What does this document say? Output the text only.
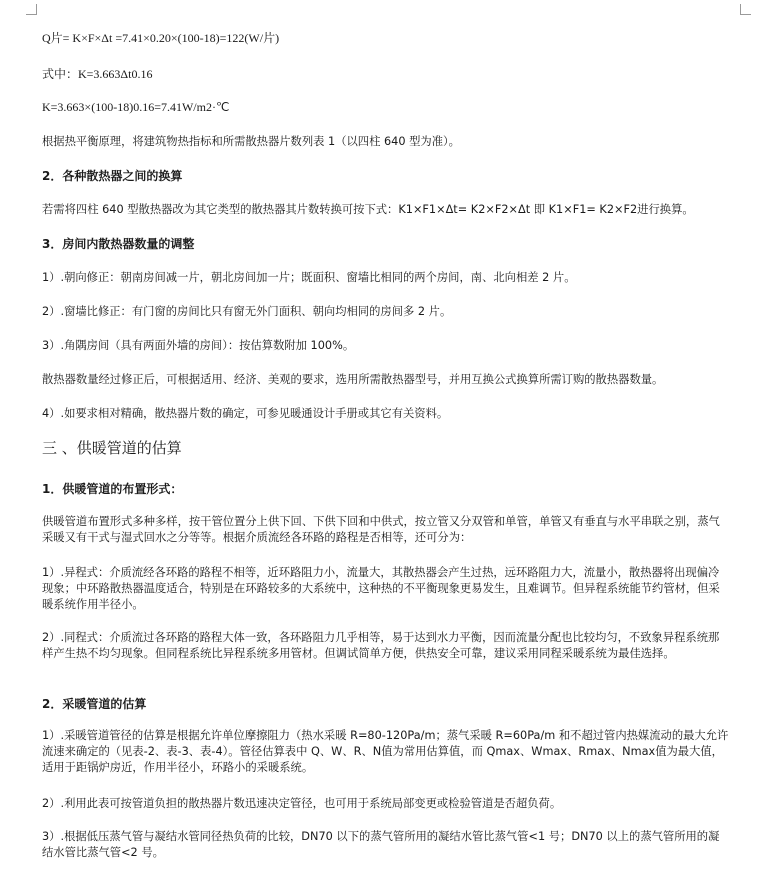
Q片= K×F×Δt =7.41×0.20×(100-18)=122(W/片)

式中：K=3.663Δt0.16

K=3.663×(100-18)0.16=7.41W/m2·℃

根据热平衡原理，将建筑物热指标和所需散热器片数列表 1（以四柱 640 型为准）。

2．各种散热器之间的换算

若需将四柱 640 型散热器改为其它类型的散热器其片数转换可按下式：K1×F1×Δt= K2×F2×Δt 即 K1×F1= K2×F2进行换算。

3．房间内散热器数量的调整

1）.朝向修正：朝南房间减一片，朝北房间加一片；既面积、窗墙比相同的两个房间，南、北向相差 2 片。

2）.窗墙比修正：有门窗的房间比只有窗无外门面积、朝向均相同的房间多 2 片。

3）.角隅房间（具有两面外墙的房间）：按估算数附加 100%。

散热器数量经过修正后，可根据适用、经济、美观的要求，选用所需散热器型号，并用互换公式换算所需订购的散热器数量。

4）.如要求相对精确，散热器片数的确定，可参见暖通设计手册或其它有关资料。

三 、供暖管道的估算

1．供暖管道的布置形式：

供暖管道布置形式多种多样，按干管位置分上供下回、下供下回和中供式，按立管又分双管和单管，单管又有垂直与水平串联之别，蒸气采暖又有干式与湿式回水之分等等。根据介质流经各环路的路程是否相等，还可分为：

1）.异程式：介质流经各环路的路程不相等，近环路阻力小，流量大，其散热器会产生过热，远环路阻力大，流量小，散热器将出现偏冷现象；中环路散热器温度适合，特别是在环路较多的大系统中，这种热的不平衡现象更易发生，且难调节。但异程系统能节约管材，但采暖系统作用半径小。

2）.同程式：介质流过各环路的路程大体一致，各环路阻力几乎相等，易于达到水力平衡，因而流量分配也比较均匀，不致象异程系统那样产生热不均匀现象。但同程系统比异程系统多用管材。但调试简单方便，供热安全可靠，建议采用同程采暖系统为最佳选择。

2．采暖管道的估算

1）.采暖管道管径的估算是根据允许单位摩擦阻力（热水采暖 R=80-120Pa/m；蒸气采暖 R=60Pa/m 和不超过管内热媒流动的最大允许流速来确定的（见表-2、表-3、表-4）。管径估算表中 Q、W、R、N值为常用估算值，而 Qmax、Wmax、Rmax、Nmax值为最大值，适用于距锅炉房近，作用半径小，环路小的采暖系统。

2）.利用此表可按管道负担的散热器片数迅速决定管径，也可用于系统局部变更或检验管道是否超负荷。

3）.根据低压蒸气管与凝结水管同径热负荷的比较，DN70 以下的蒸气管所用的凝结水管比蒸气管<1 号；DN70 以上的蒸气管所用的凝结水管比蒸气管<2 号。
